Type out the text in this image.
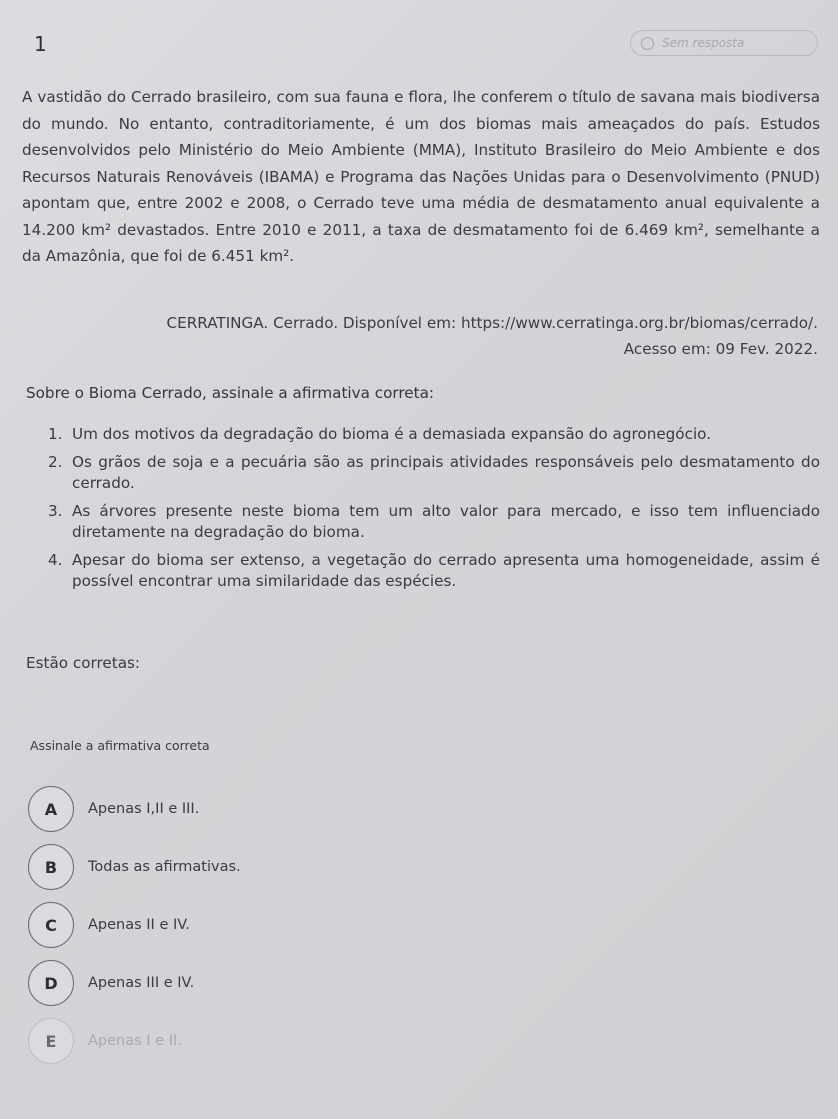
1	Sem resposta
A vastidão do Cerrado brasileiro, com sua fauna e flora, lhe conferem o título de savana mais biodiversa do mundo. No entanto, contraditoriamente, é um dos biomas mais ameaçados do país. Estudos desenvolvidos pelo Ministério do Meio Ambiente (MMA), Instituto Brasileiro do Meio Ambiente e dos Recursos Naturais Renováveis (IBAMA) e Programa das Nações Unidas para o Desenvolvimento (PNUD) apontam que, entre 2002 e 2008, o Cerrado teve uma média de desmatamento anual equivalente a 14.200 km² devastados. Entre 2010 e 2011, a taxa de desmatamento foi de 6.469 km², semelhante a da Amazônia, que foi de 6.451 km².
CERRATINGA. Cerrado. Disponível em: https://www.cerratinga.org.br/biomas/cerrado/.
Acesso em: 09 Fev. 2022.
Sobre o Bioma Cerrado, assinale a afirmativa correta:
1. Um dos motivos da degradação do bioma é a demasiada expansão do agronegócio.
2. Os grãos de soja e a pecuária são as principais atividades responsáveis pelo desmatamento do cerrado.
3. As árvores presente neste bioma tem um alto valor para mercado, e isso tem influenciado diretamente na degradação do bioma.
4. Apesar do bioma ser extenso, a vegetação do cerrado apresenta uma homogeneidade, assim é possível encontrar uma similaridade das espécies.
Estão corretas:
Assinale a afirmativa correta
A	Apenas I,II e III.
B	Todas as afirmativas.
C	Apenas II e IV.
D	Apenas III e IV.
E	Apenas I e II.
